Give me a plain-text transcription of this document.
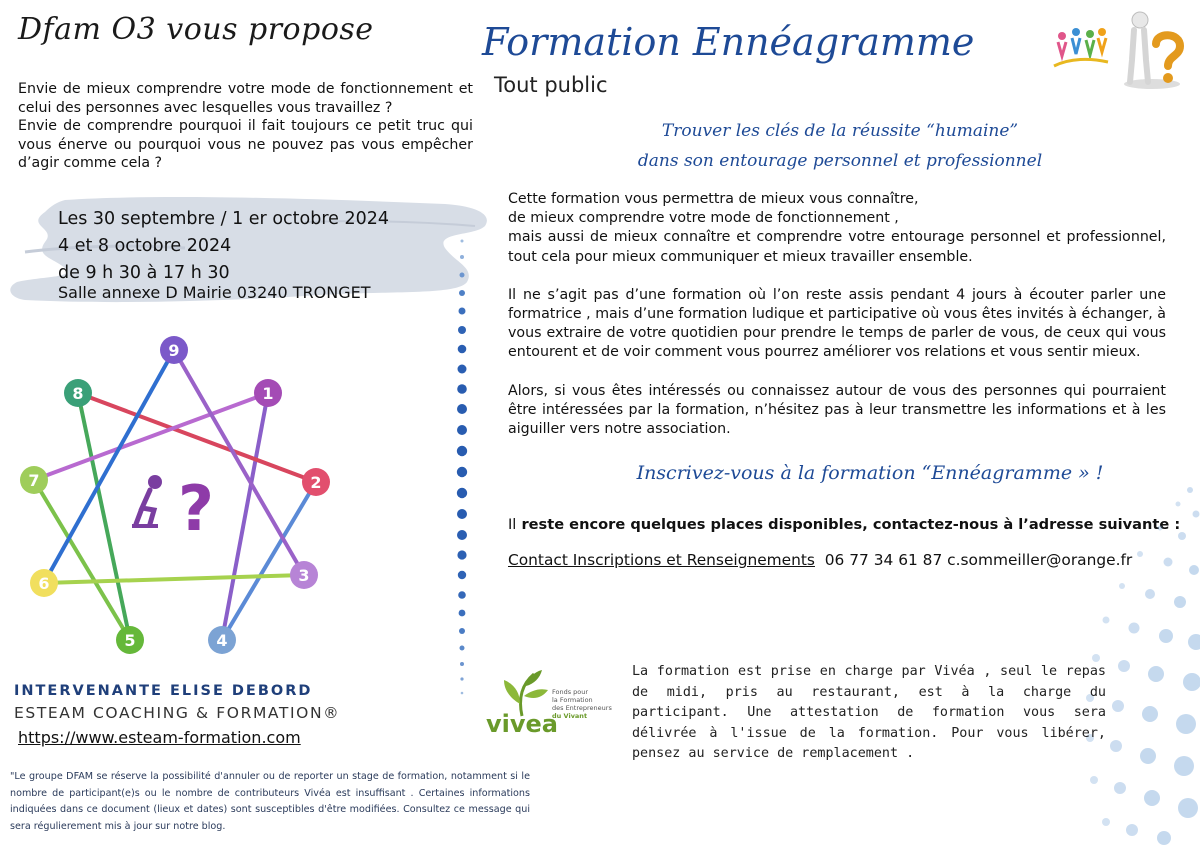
Dfam O3 vous propose

Envie de mieux comprendre votre mode de fonctionnement et celui des personnes avec lesquelles vous travaillez ?

Envie de comprendre pourquoi il fait toujours ce petit truc qui vous énerve ou pourquoi vous ne pouvez pas vous empêcher d’agir comme cela ?

Les 30 septembre / 1 er octobre 2024
4 et 8 octobre 2024
de 9 h 30 à 17 h 30
Salle annexe D Mairie 03240 TRONGET
?
9
1
2
3
4
5
6
7
8
INTERVENANTE ELISE DEBORD
ESTEAM COACHING & FORMATION®
https://www.esteam-formation.com
"Le groupe DFAM se réserve la possibilité d'annuler ou de reporter un stage de formation, notamment si le nombre de participant(e)s ou le nombre de contributeurs Vivéa est insuffisant . Certaines informations indiquées dans ce document (lieux et dates) sont susceptibles d'être modifiées. Consultez ce message qui sera régulierement mis à jour sur notre blog.
Formation Ennéagramme
Tout public
Trouver les clés de la réussite “humaine”
dans son entourage personnel et professionnel

Cette formation vous permettra de mieux vous connaître,
de mieux comprendre votre mode de fonctionnement ,
mais aussi de mieux connaître et comprendre votre entourage personnel et professionnel, tout cela pour mieux communiquer et mieux travailler ensemble.

Il ne s’agit pas d’une formation où l’on reste assis pendant 4 jours à écouter parler une formatrice , mais d’une formation ludique et participative où vous êtes invités à échanger, à vous extraire de votre quotidien pour prendre le temps de parler de vous, de ceux qui vous entourent et de voir comment vous pourrez améliorer vos relations et vous sentir mieux.

Alors, si vous êtes intéressés ou connaissez autour de vous des personnes qui pourraient être intéressées par la formation, n’hésitez pas à leur transmettre les informations et à les aiguiller vers notre association.

Inscrivez-vous à la formation “Ennéagramme » !
Il reste encore quelques places disponibles, contactez-nous à l’adresse suivante :
Contact Inscriptions et Renseignements 06 77 34 61 87 c.sommeiller@orange.fr
vivea
Fonds pour
la Formation
des Entrepreneurs
du Vivant
La formation est prise en charge par Vivéa , seul le repas de midi, pris au restaurant, est à la charge du participant. Une attestation de formation vous sera délivrée à l'issue de la formation. Pour vous libérer, pensez au service de remplacement .
